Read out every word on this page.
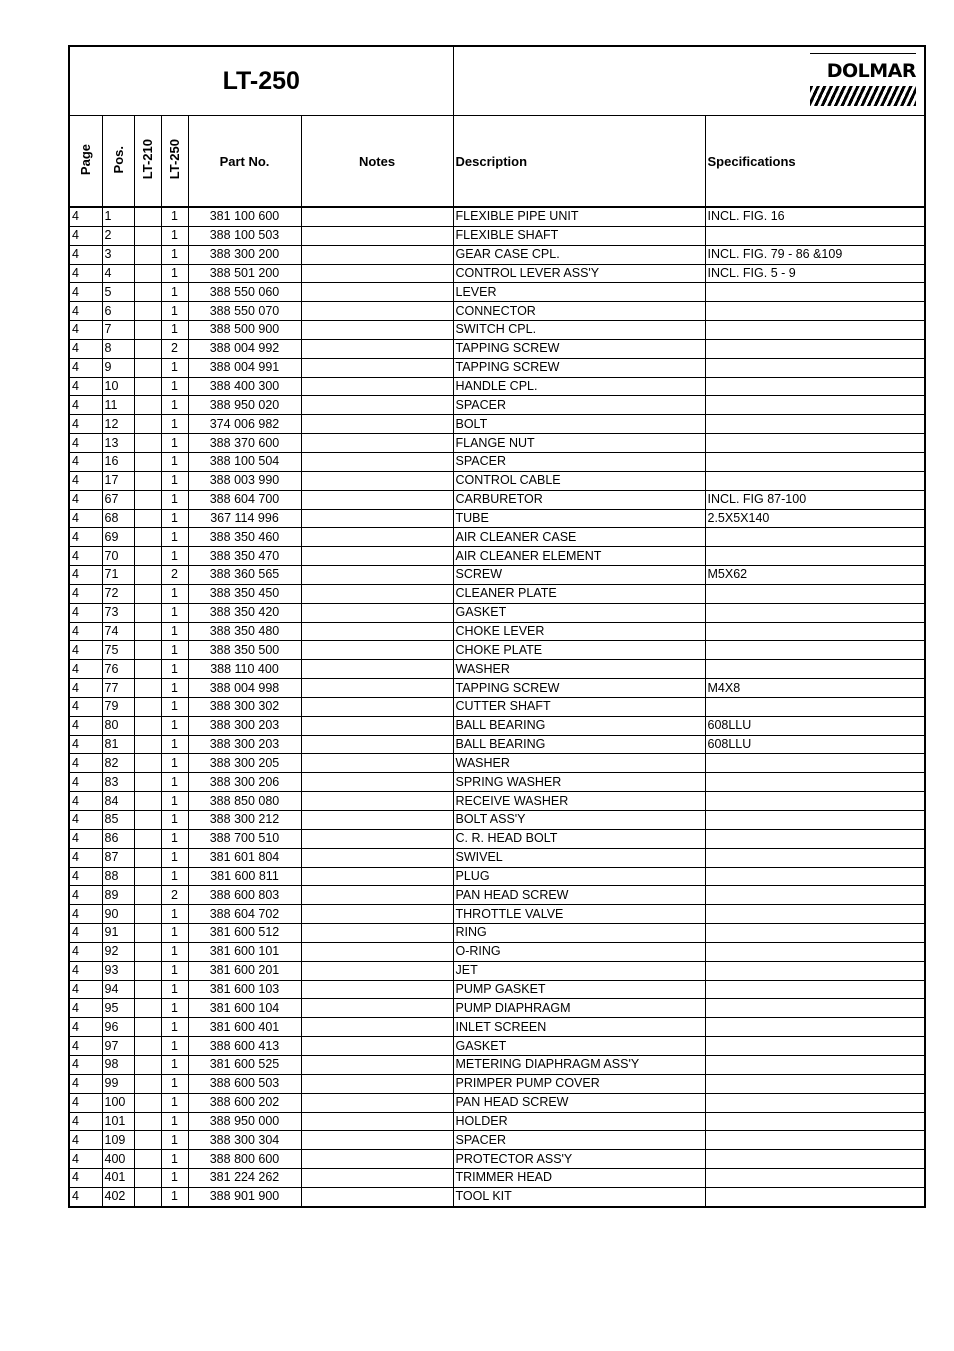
LT-250						DOLMAR	

Page	Pos.	LT-210	LT-250	Part No.	Notes	Description	Specifications

4	1		1	381 100 600		FLEXIBLE PIPE UNIT	INCL. FIG. 16
4	2		1	388 100 503		FLEXIBLE SHAFT	
4	3		1	388 300 200		GEAR CASE CPL.	INCL. FIG. 79 - 86 &109
4	4		1	388 501 200		CONTROL LEVER ASS'Y	INCL. FIG. 5 - 9
4	5		1	388 550 060		LEVER	
4	6		1	388 550 070		CONNECTOR	
4	7		1	388 500 900		SWITCH CPL.	
4	8		2	388 004 992		TAPPING SCREW	
4	9		1	388 004 991		TAPPING SCREW	
4	10		1	388 400 300		HANDLE CPL.	
4	11		1	388 950 020		SPACER	
4	12		1	374 006 982		BOLT	
4	13		1	388 370 600		FLANGE NUT	
4	16		1	388 100 504		SPACER	
4	17		1	388 003 990		CONTROL CABLE	
4	67		1	388 604 700		CARBURETOR	INCL. FIG 87-100
4	68		1	367 114 996		TUBE	2.5X5X140
4	69		1	388 350 460		AIR CLEANER CASE	
4	70		1	388 350 470		AIR CLEANER ELEMENT	
4	71		2	388 360 565		SCREW	M5X62
4	72		1	388 350 450		CLEANER PLATE	
4	73		1	388 350 420		GASKET	
4	74		1	388 350 480		CHOKE LEVER	
4	75		1	388 350 500		CHOKE PLATE	
4	76		1	388 110 400		WASHER	
4	77		1	388 004 998		TAPPING SCREW	M4X8
4	79		1	388 300 302		CUTTER SHAFT	
4	80		1	388 300 203		BALL BEARING	608LLU
4	81		1	388 300 203		BALL BEARING	608LLU
4	82		1	388 300 205		WASHER	
4	83		1	388 300 206		SPRING WASHER	
4	84		1	388 850 080		RECEIVE WASHER	
4	85		1	388 300 212		BOLT ASS'Y	
4	86		1	388 700 510		C. R. HEAD BOLT	
4	87		1	381 601 804		SWIVEL	
4	88		1	381 600 811		PLUG	
4	89		2	388 600 803		PAN HEAD SCREW	
4	90		1	388 604 702		THROTTLE VALVE	
4	91		1	381 600 512		RING	
4	92		1	381 600 101		O-RING	
4	93		1	381 600 201		JET	
4	94		1	381 600 103		PUMP GASKET	
4	95		1	381 600 104		PUMP DIAPHRAGM	
4	96		1	381 600 401		INLET SCREEN	
4	97		1	388 600 413		GASKET	
4	98		1	381 600 525		METERING DIAPHRAGM ASS'Y	
4	99		1	388 600 503		PRIMPER PUMP COVER	
4	100		1	388 600 202		PAN HEAD SCREW	
4	101		1	388 950 000		HOLDER	
4	109		1	388 300 304		SPACER	
4	400		1	388 800 600		PROTECTOR ASS'Y	
4	401		1	381 224 262		TRIMMER HEAD	
4	402		1	388 901 900		TOOL KIT	
